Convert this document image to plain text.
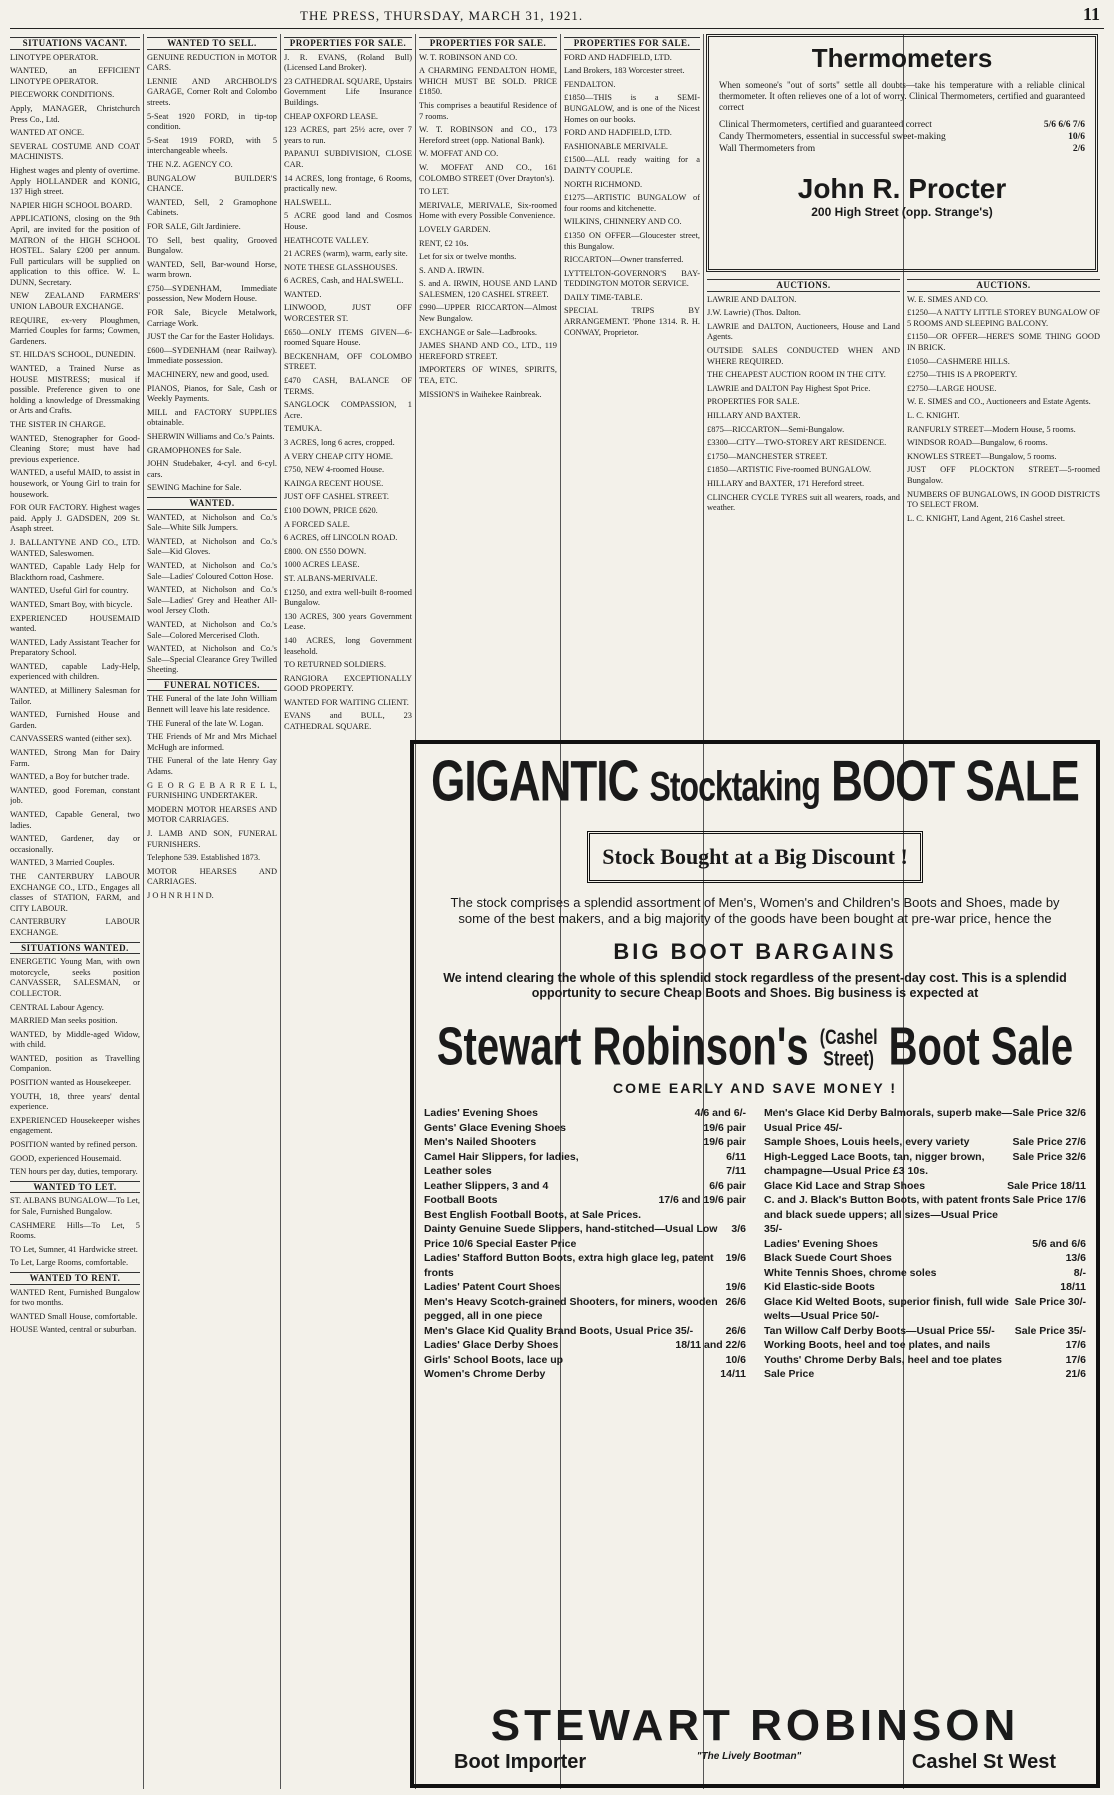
THE PRESS, THURSDAY, MARCH 31, 1921.	11
SITUATIONS VACANT.

LINOTYPE OPERATOR.

WANTED, an EFFICIENT LINOTYPE OPERATOR.

PIECEWORK CONDITIONS.

Apply, MANAGER, Christchurch Press Co., Ltd.

WANTED AT ONCE.

SEVERAL COSTUME AND COAT MACHINISTS.

Highest wages and plenty of overtime. Apply HOLLANDER and KONIG, 137 High street.

NAPIER HIGH SCHOOL BOARD.

APPLICATIONS, closing on the 9th April, are invited for the position of MATRON of the HIGH SCHOOL HOSTEL. Salary £200 per annum. Full particulars will be supplied on application to this office. W. L. DUNN, Secretary.

NEW ZEALAND FARMERS' UNION LABOUR EXCHANGE.

REQUIRE, ex-very Ploughmen, Married Couples for farms; Cowmen, Gardeners.

ST. HILDA'S SCHOOL, DUNEDIN.

WANTED, a Trained Nurse as HOUSE MISTRESS; musical if possible. Preference given to one holding a knowledge of Dressmaking or Arts and Crafts.

THE SISTER IN CHARGE.

WANTED, Stenographer for Good-Cleaning Store; must have had previous experience.

WANTED, a useful MAID, to assist in housework, or Young Girl to train for housework.

FOR OUR FACTORY. Highest wages paid. Apply J. GADSDEN, 209 St. Asaph street.

J. BALLANTYNE AND CO., LTD. WANTED, Saleswomen.

WANTED, Capable Lady Help for Blackthorn road, Cashmere.

WANTED, Useful Girl for country.

WANTED, Smart Boy, with bicycle.

EXPERIENCED HOUSEMAID wanted.

WANTED, Lady Assistant Teacher for Preparatory School.

WANTED, capable Lady-Help, experienced with children.

WANTED, at Millinery Salesman for Tailor.

WANTED, Furnished House and Garden.

CANVASSERS wanted (either sex).

WANTED, Strong Man for Dairy Farm.

WANTED, a Boy for butcher trade.

WANTED, good Foreman, constant job.

WANTED, Capable General, two ladies.

WANTED, Gardener, day or occasionally.

WANTED, 3 Married Couples.

THE CANTERBURY LABOUR EXCHANGE CO., LTD., Engages all classes of STATION, FARM, and CITY LABOUR.

CANTERBURY LABOUR EXCHANGE.

SITUATIONS WANTED.

ENERGETIC Young Man, with own motorcycle, seeks position CANVASSER, SALESMAN, or COLLECTOR.

CENTRAL Labour Agency.

MARRIED Man seeks position.

WANTED, by Middle-aged Widow, with child.

WANTED, position as Travelling Companion.

POSITION wanted as Housekeeper.

YOUTH, 18, three years' dental experience.

EXPERIENCED Housekeeper wishes engagement.

POSITION wanted by refined person.

GOOD, experienced Housemaid.

TEN hours per day, duties, temporary.

WANTED TO LET.

ST. ALBANS BUNGALOW—To Let, for Sale, Furnished Bungalow.

CASHMERE Hills—To Let, 5 Rooms.

TO Let, Sumner, 41 Hardwicke street.

To Let, Large Rooms, comfortable.

WANTED TO RENT.

WANTED Rent, Furnished Bungalow for two months.

WANTED Small House, comfortable.

HOUSE Wanted, central or suburban.

WANTED TO SELL.

GENUINE REDUCTION in MOTOR CARS.

LENNIE AND ARCHBOLD'S GARAGE, Corner Rolt and Colombo streets.

5-Seat 1920 FORD, in tip-top condition.

5-Seat 1919 FORD, with 5 interchangeable wheels.

THE N.Z. AGENCY CO.

BUNGALOW BUILDER'S CHANCE.

WANTED, Sell, 2 Gramophone Cabinets.

FOR SALE, Gilt Jardiniere.

TO Sell, best quality, Grooved Bungalow.

WANTED, Sell, Bar-wound Horse, warm brown.

£750—SYDENHAM, Immediate possession, New Modern House.

FOR Sale, Bicycle Metalwork, Carriage Work.

JUST the Car for the Easter Holidays.

£600—SYDENHAM (near Railway). Immediate possession.

MACHINERY, new and good, used.

PIANOS, Pianos, for Sale, Cash or Weekly Payments.

MILL and FACTORY SUPPLIES obtainable.

SHERWIN Williams and Co.'s Paints.

GRAMOPHONES for Sale.

JOHN Studebaker, 4-cyl. and 6-cyl. cars.

SEWING Machine for Sale.

WANTED.

WANTED, at Nicholson and Co.'s Sale—White Silk Jumpers.

WANTED, at Nicholson and Co.'s Sale—Kid Gloves.

WANTED, at Nicholson and Co.'s Sale—Ladies' Coloured Cotton Hose.

WANTED, at Nicholson and Co.'s Sale—Ladies' Grey and Heather All-wool Jersey Cloth.

WANTED, at Nicholson and Co.'s Sale—Colored Mercerised Cloth.

WANTED, at Nicholson and Co.'s Sale—Special Clearance Grey Twilled Sheeting.

FUNERAL NOTICES.

THE Funeral of the late John William Bennett will leave his late residence.

THE Funeral of the late W. Logan.

THE Friends of Mr and Mrs Michael McHugh are informed.

THE Funeral of the late Henry Gay Adams.

G E O R G E B A R R E L L, FURNISHING UNDERTAKER.

MODERN MOTOR HEARSES AND MOTOR CARRIAGES.

J. LAMB AND SON, FUNERAL FURNISHERS.

Telephone 539. Established 1873.

MOTOR HEARSES AND CARRIAGES.

J O H N R H I N D.

PROPERTIES FOR SALE.

J. R. EVANS, (Roland Bull) (Licensed Land Broker).

23 CATHEDRAL SQUARE, Upstairs Government Life Insurance Buildings.

CHEAP OXFORD LEASE.

123 ACRES, part 25½ acre, over 7 years to run.

PAPANUI SUBDIVISION, CLOSE CAR.

14 ACRES, long frontage, 6 Rooms, practically new.

HALSWELL.

5 ACRE good land and Cosmos House.

HEATHCOTE VALLEY.

21 ACRES (warm), warm, early site.

NOTE THESE GLASSHOUSES.

6 ACRES, Cash, and HALSWELL.

WANTED.

LINWOOD, JUST OFF WORCESTER ST.

£650—ONLY ITEMS GIVEN—6-roomed Square House.

BECKENHAM, OFF COLOMBO STREET.

£470 CASH, BALANCE OF TERMS.

SANGLOCK COMPASSION, 1 Acre.

TEMUKA.

3 ACRES, long 6 acres, cropped.

A VERY CHEAP CITY HOME.

£750, NEW 4-roomed House.

KAINGA RECENT HOUSE.

JUST OFF CASHEL STREET.

£100 DOWN, PRICE £620.

A FORCED SALE.

6 ACRES, off LINCOLN ROAD.

£800. ON £550 DOWN.

1000 ACRES LEASE.

ST. ALBANS-MERIVALE.

£1250, and extra well-built 8-roomed Bungalow.

130 ACRES, 300 years Government Lease.

140 ACRES, long Government leasehold.

TO RETURNED SOLDIERS.

RANGIORA EXCEPTIONALLY GOOD PROPERTY.

WANTED FOR WAITING CLIENT.

EVANS and BULL, 23 CATHEDRAL SQUARE.

PROPERTIES FOR SALE.

W. T. ROBINSON AND CO.

A CHARMING FENDALTON HOME, WHICH MUST BE SOLD. PRICE £1850.

This comprises a beautiful Residence of 7 rooms.

W. T. ROBINSON and CO., 173 Hereford street (opp. National Bank).

W. MOFFAT AND CO.

W. MOFFAT AND CO., 161 COLOMBO STREET (Over Drayton's).

TO LET.

MERIVALE, MERIVALE, Six-roomed Home with every Possible Convenience.

LOVELY GARDEN.

RENT, £2 10s.

Let for six or twelve months.

S. AND A. IRWIN.

S. and A. IRWIN, HOUSE AND LAND SALESMEN, 120 CASHEL STREET.

£990—UPPER RICCARTON—Almost New Bungalow.

EXCHANGE or Sale—Ladbrooks.

JAMES SHAND AND CO., LTD., 119 HEREFORD STREET.

IMPORTERS OF WINES, SPIRITS, TEA, ETC.

MISSION'S in Waihekee Rainbreak.

PROPERTIES FOR SALE.

FORD AND HADFIELD, LTD.

Land Brokers, 183 Worcester street.

FENDALTON.

£1850—THIS is a SEMI-BUNGALOW, and is one of the Nicest Homes on our books.

FORD AND HADFIELD, LTD.

FASHIONABLE MERIVALE.

£1500—ALL ready waiting for a DAINTY COUPLE.

NORTH RICHMOND.

£1275—ARTISTIC BUNGALOW of four rooms and kitchenette.

WILKINS, CHINNERY AND CO.

£1350 ON OFFER—Gloucester street, this Bungalow.

RICCARTON—Owner transferred.

LYTTELTON-GOVERNOR'S BAY-TEDDINGTON MOTOR SERVICE.

DAILY TIME-TABLE.

SPECIAL TRIPS BY ARRANGEMENT. 'Phone 1314. R. H. CONWAY, Proprietor.

AUCTIONS.

LAWRIE AND DALTON.

J.W. Lawrie) (Thos. Dalton.

LAWRIE and DALTON, Auctioneers, House and Land Agents.

OUTSIDE SALES CONDUCTED WHEN AND WHERE REQUIRED.

THE CHEAPEST AUCTION ROOM IN THE CITY.

LAWRIE and DALTON Pay Highest Spot Price.

PROPERTIES FOR SALE.

HILLARY AND BAXTER.

£875—RICCARTON—Semi-Bungalow.

£3300—CITY—TWO-STOREY ART RESIDENCE.

£1750—MANCHESTER STREET.

£1850—ARTISTIC Five-roomed BUNGALOW.

HILLARY and BAXTER, 171 Hereford street.

CLINCHER CYCLE TYRES suit all wearers, roads, and weather.

AUCTIONS.

W. E. SIMES AND CO.

£1250—A NATTY LITTLE STOREY BUNGALOW OF 5 ROOMS AND SLEEPING BALCONY.

£1150—OR OFFER—HERE'S SOME THING GOOD IN BRICK.

£1050—CASHMERE HILLS.

£2750—THIS IS A PROPERTY.

£2750—LARGE HOUSE.

W. E. SIMES and CO., Auctioneers and Estate Agents.

L. C. KNIGHT.

RANFURLY STREET—Modern House, 5 rooms.

WINDSOR ROAD—Bungalow, 6 rooms.

KNOWLES STREET—Bungalow, 5 rooms.

JUST OFF PLOCKTON STREET—5-roomed Bungalow.

NUMBERS OF BUNGALOWS, IN GOOD DISTRICTS TO SELECT FROM.

L. C. KNIGHT, Land Agent, 216 Cashel street.

Thermometers
When someone's "out of sorts" settle all doubts—take his temperature with a reliable clinical thermometer. It often relieves one of a lot of worry. Clinical Thermometers, certified and guaranteed correct
Clinical Thermometers, certified and guaranteed correct	5/6 6/6 7/6
Candy Thermometers, essential in successful sweet-making	10/6
Wall Thermometers from	2/6
John R. Procter
200 High Street (opp. Strange's)
GIGANTIC Stocktaking BOOT SALE
Stock Bought at a Big Discount !
The stock comprises a splendid assortment of Men's, Women's and Children's Boots and Shoes, made by some of the best makers, and a big majority of the goods have been bought at pre-war price, hence the
BIG BOOT BARGAINS
We intend clearing the whole of this splendid stock regardless of the present-day cost. This is a splendid opportunity to secure Cheap Boots and Shoes. Big business is expected at
Stewart Robinson's (Cashel
Street) Boot Sale
COME EARLY AND SAVE MONEY !
Ladies' Evening Shoes	4/6 and 6/-
Gents' Glace Evening Shoes	19/6 pair
Men's Nailed Shooters	19/6 pair
Camel Hair Slippers, for ladies,	6/11
Leather soles	7/11
Leather Slippers, 3 and 4	6/6 pair
Football Boots	17/6 and 19/6 pair
Best English Football Boots, at Sale Prices.
Dainty Genuine Suede Slippers, hand-stitched—Usual Low Price 10/6 Special Easter Price
3/6
Ladies' Stafford Button Boots, extra high glace leg, patent fronts
19/6
Ladies' Patent Court Shoes	19/6
Men's Heavy Scotch-grained Shooters, for miners, wooden pegged, all in one piece
26/6
Men's Glace Kid Quality Brand Boots, Usual Price 35/-	26/6
Ladies' Glace Derby Shoes	18/11 and 22/6
Girls' School Boots, lace up	10/6
Women's Chrome Derby	14/11
Men's Glace Kid Derby Balmorals, superb make—Usual Price 45/-
Sale Price 32/6
Sample Shoes, Louis heels, every variety	Sale Price 27/6
High-Legged Lace Boots, tan, nigger brown, champagne—Usual Price £3 10s.
Sale Price 32/6
Glace Kid Lace and Strap Shoes	Sale Price 18/11
C. and J. Black's Button Boots, with patent fronts and black suede uppers; all sizes—Usual Price 35/-
Sale Price 17/6
Ladies' Evening Shoes	5/6 and 6/6
Black Suede Court Shoes	13/6
White Tennis Shoes, chrome soles	8/-
Kid Elastic-side Boots	18/11
Glace Kid Welted Boots, superior finish, full wide welts—Usual Price 50/-
Sale Price 30/-
Tan Willow Calf Derby Boots—Usual Price 55/- Sale Price 35/-
Working Boots, heel and toe plates, and nails	17/6
Youths' Chrome Derby Bals, heel and toe plates	17/6
Sale Price	21/6
STEWART ROBINSON
Boot Importer	"The Lively Bootman"	Cashel St West
